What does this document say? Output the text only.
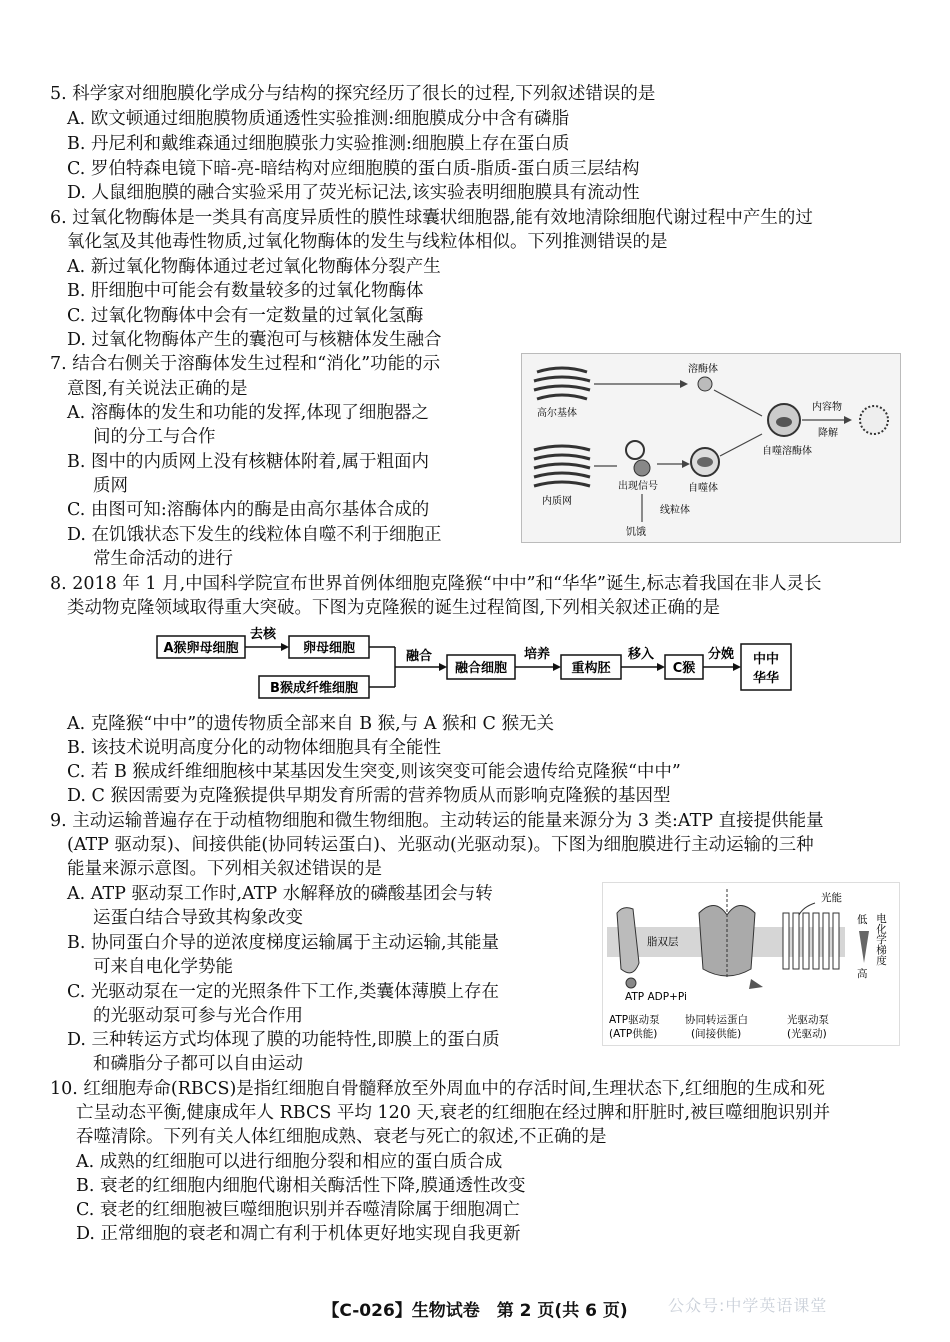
5. 科学家对细胞膜化学成分与结构的探究经历了很长的过程,下列叙述错误的是
A. 欧文顿通过细胞膜物质通透性实验推测:细胞膜成分中含有磷脂
B. 丹尼利和戴维森通过细胞膜张力实验推测:细胞膜上存在蛋白质
C. 罗伯特森电镜下暗-亮-暗结构对应细胞膜的蛋白质-脂质-蛋白质三层结构
D. 人鼠细胞膜的融合实验采用了荧光标记法,该实验表明细胞膜具有流动性
6. 过氧化物酶体是一类具有高度异质性的膜性球囊状细胞器,能有效地清除细胞代谢过程中产生的过
氧化氢及其他毒性物质,过氧化物酶体的发生与线粒体相似。下列推测错误的是
A. 新过氧化物酶体通过老过氧化物酶体分裂产生
B. 肝细胞中可能会有数量较多的过氧化物酶体
C. 过氧化物酶体中会有一定数量的过氧化氢酶
D. 过氧化物酶体产生的囊泡可与核糖体发生融合
7. 结合右侧关于溶酶体发生过程和“消化”功能的示
意图,有关说法正确的是
A. 溶酶体的发生和功能的发挥,体现了细胞器之
间的分工与合作
B. 图中的内质网上没有核糖体附着,属于粗面内
质网
C. 由图可知:溶酶体内的酶是由高尔基体合成的
D. 在饥饿状态下发生的线粒体自噬不利于细胞正
常生命活动的进行
高尔基体
内质网
溶酶体
出现信号	自噬体
自噬溶酶体
内容物
降解
饥饿
线粒体
8. 2018 年 1 月,中国科学院宣布世界首例体细胞克隆猴“中中”和“华华”诞生,标志着我国在非人灵长
类动物克隆领域取得重大突破。下图为克隆猴的诞生过程简图,下列相关叙述正确的是
A猴卵母细胞
去核
卵母细胞
B猴成纤维细胞
融合
融合细胞
培养
重构胚
移入
C猴
分娩 中中
华华
A. 克隆猴“中中”的遗传物质全部来自 B 猴,与 A 猴和 C 猴无关
B. 该技术说明高度分化的动物体细胞具有全能性
C. 若 B 猴成纤维细胞核中某基因发生突变,则该突变可能会遗传给克隆猴“中中”
D. C 猴因需要为克隆猴提供早期发育所需的营养物质从而影响克隆猴的基因型
9. 主动运输普遍存在于动植物细胞和微生物细胞。主动转运的能量来源分为 3 类:ATP 直接提供能量
(ATP 驱动泵)、间接供能(协同转运蛋白)、光驱动(光驱动泵)。下图为细胞膜进行主动运输的三种
能量来源示意图。下列相关叙述错误的是
A. ATP 驱动泵工作时,ATP 水解释放的磷酸基团会与转
运蛋白结合导致其构象改变
B. 协同蛋白介导的逆浓度梯度运输属于主动运输,其能量
可来自电化学势能
C. 光驱动泵在一定的光照条件下工作,类囊体薄膜上存在
的光驱动泵可参与光合作用
D. 三种转运方式均体现了膜的功能特性,即膜上的蛋白质
和磷脂分子都可以自由运动
脂双层
ATP ADP+Pi
光能
低
高
电化学梯度
ATP驱动泵
(ATP供能)
协同转运蛋白
(间接供能)
光驱动泵
(光驱动)
10. 红细胞寿命(RBCS)是指红细胞自骨髓释放至外周血中的存活时间,生理状态下,红细胞的生成和死
亡呈动态平衡,健康成年人 RBCS 平均 120 天,衰老的红细胞在经过脾和肝脏时,被巨噬细胞识别并
吞噬清除。下列有关人体红细胞成熟、衰老与死亡的叙述,不正确的是
A. 成熟的红细胞可以进行细胞分裂和相应的蛋白质合成
B. 衰老的红细胞内细胞代谢相关酶活性下降,膜通透性改变
C. 衰老的红细胞被巨噬细胞识别并吞噬清除属于细胞凋亡
D. 正常细胞的衰老和凋亡有利于机体更好地实现自我更新
【C-026】生物试卷　第 2 页(共 6 页)	公众号:中学英语课堂
